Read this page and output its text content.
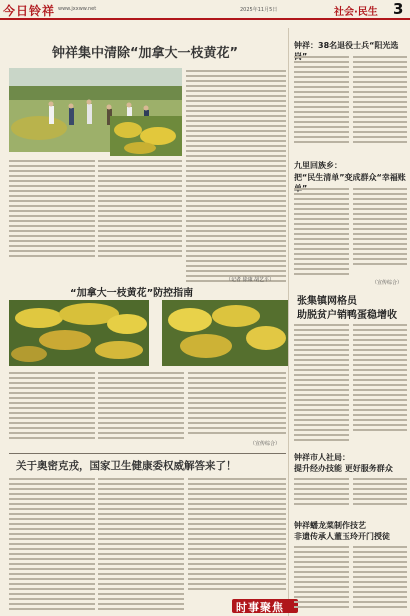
今日铃祥 www.jxxww.net	2025年11月5日	社会·民生 3
钟祥集中清除“加拿大一枝黄花”
（记者 徐康 胡艺平）
“加拿大一枝黄花”防控指南
（宣传综合）
关于奥密克戎，国家卫生健康委权威解答来了！
时事聚焦
钟祥：38名退役士兵“阳光选
九里回族乡：
把“民生清单”变成群众“幸福账
（宣传综合）
张集镇网格员
助脱贫户销鸭蛋稳增收
钟祥市人社局：
提升经办技能 更好服务群众
钟祥蟠龙菜制作技艺
非遗传承人董玉玲开门授徒
